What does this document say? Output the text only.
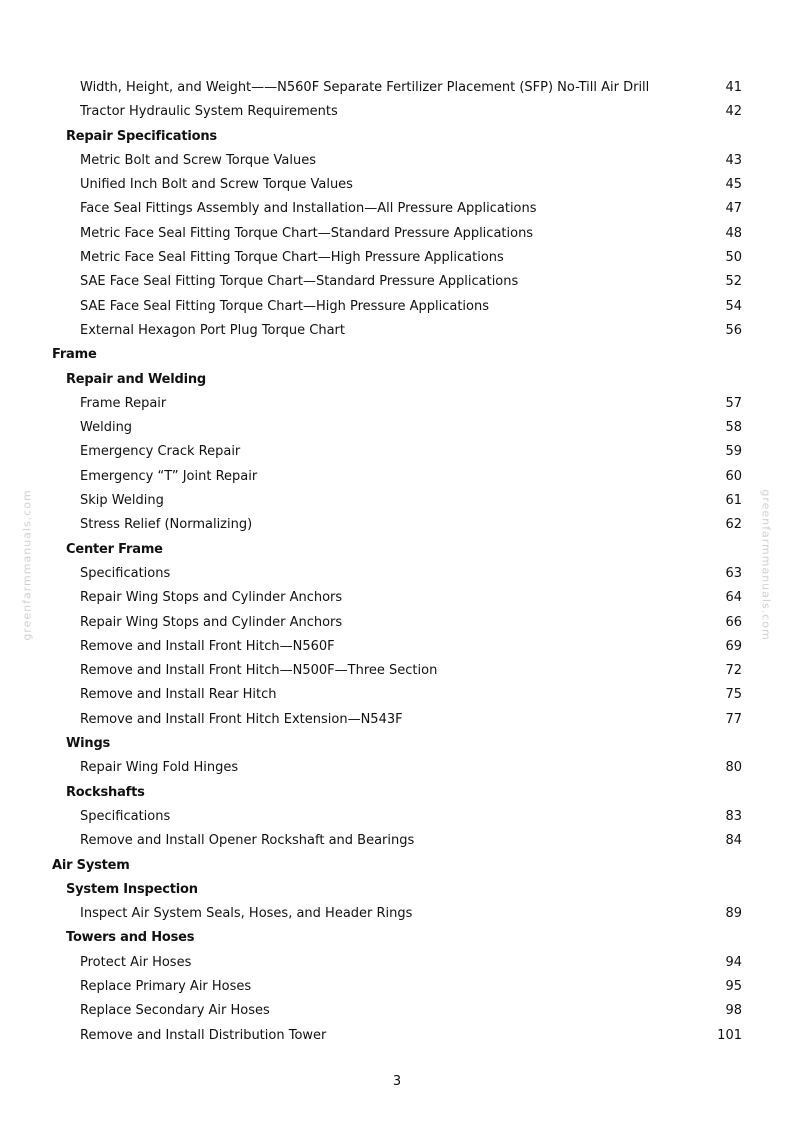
Width, Height, and Weight——N560F Separate Fertilizer Placement (SFP) No-Till Air Drill	41
Tractor Hydraulic System Requirements	42
Repair Specifications
Metric Bolt and Screw Torque Values	43
Unified Inch Bolt and Screw Torque Values	45
Face Seal Fittings Assembly and Installation—All Pressure Applications	47
Metric Face Seal Fitting Torque Chart—Standard Pressure Applications	48
Metric Face Seal Fitting Torque Chart—High Pressure Applications	50
SAE Face Seal Fitting Torque Chart—Standard Pressure Applications	52
SAE Face Seal Fitting Torque Chart—High Pressure Applications	54
External Hexagon Port Plug Torque Chart	56
Frame
Repair and Welding
Frame Repair	57
Welding	58
Emergency Crack Repair	59
Emergency “T” Joint Repair	60
Skip Welding	61
Stress Relief (Normalizing)	62
Center Frame
Specifications	63
Repair Wing Stops and Cylinder Anchors	64
Repair Wing Stops and Cylinder Anchors	66
Remove and Install Front Hitch—N560F	69
Remove and Install Front Hitch—N500F—Three Section	72
Remove and Install Rear Hitch	75
Remove and Install Front Hitch Extension—N543F	77
Wings
Repair Wing Fold Hinges	80
Rockshafts
Specifications	83
Remove and Install Opener Rockshaft and Bearings	84
Air System
System Inspection
Inspect Air System Seals, Hoses, and Header Rings	89
Towers and Hoses
Protect Air Hoses	94
Replace Primary Air Hoses	95
Replace Secondary Air Hoses	98
Remove and Install Distribution Tower	101
greenfarmmanuals.com	greenfarmmanuals.com
3
